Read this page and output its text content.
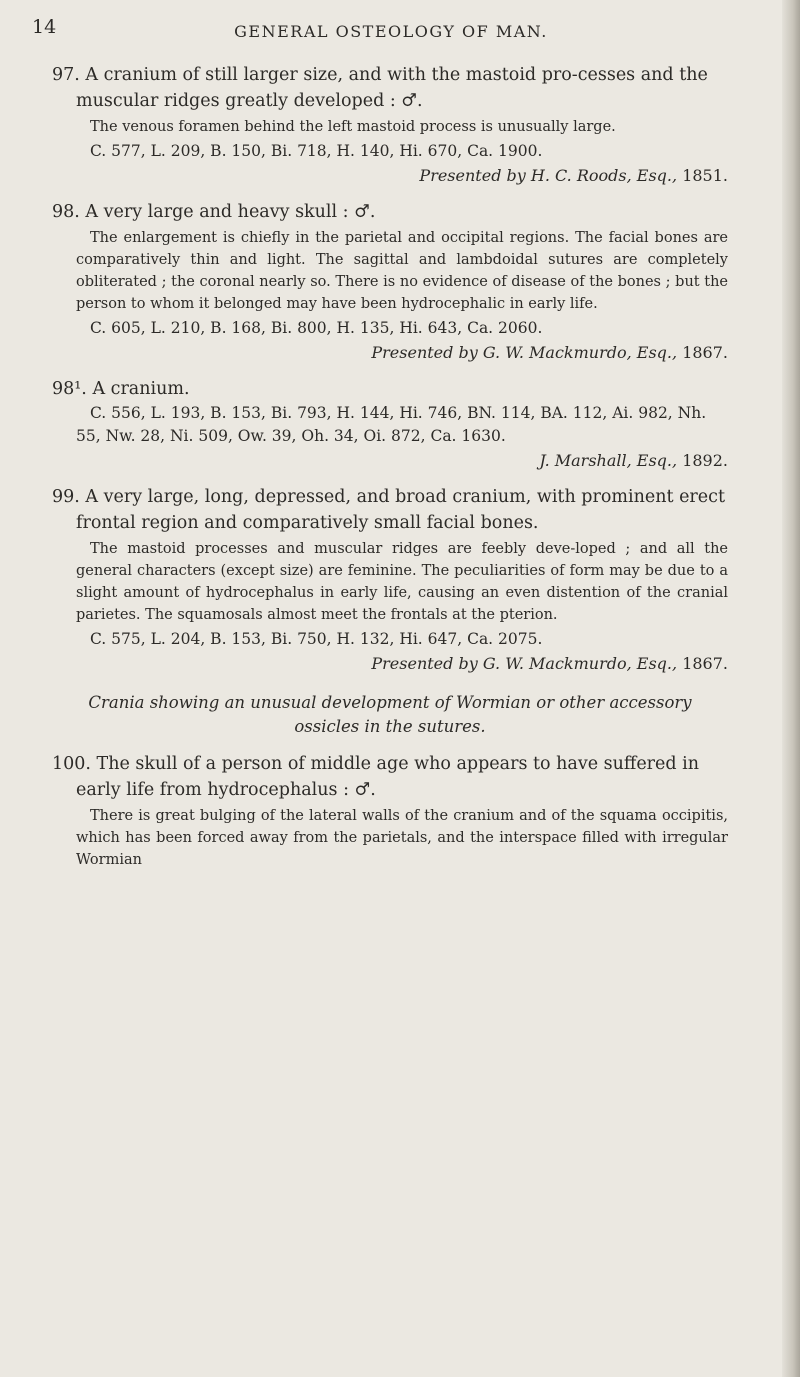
14	GENERAL OSTEOLOGY OF MAN.
97. A cranium of still larger size, and with the mastoid pro-cesses and the muscular ridges greatly developed : ♂.

The venous foramen behind the left mastoid process is unusually large.

C. 577, L. 209, B. 150, Bi. 718, H. 140, Hi. 670, Ca. 1900.

Presented by H. C. Roods, Esq., 1851.

98. A very large and heavy skull : ♂.

The enlargement is chiefly in the parietal and occipital regions. The facial bones are comparatively thin and light. The sagittal and lambdoidal sutures are completely obliterated ; the coronal nearly so. There is no evidence of disease of the bones ; but the person to whom it belonged may have been hydrocephalic in early life.

C. 605, L. 210, B. 168, Bi. 800, H. 135, Hi. 643, Ca. 2060.

Presented by G. W. Mackmurdo, Esq., 1867.

98¹. A cranium.

C. 556, L. 193, B. 153, Bi. 793, H. 144, Hi. 746, BN. 114, BA. 112, Ai. 982, Nh. 55, Nw. 28, Ni. 509, Ow. 39, Oh. 34, Oi. 872, Ca. 1630.

J. Marshall, Esq., 1892.

99. A very large, long, depressed, and broad cranium, with prominent erect frontal region and comparatively small facial bones.

The mastoid processes and muscular ridges are feebly deve-loped ; and all the general characters (except size) are feminine. The peculiarities of form may be due to a slight amount of hydrocephalus in early life, causing an even distention of the cranial parietes. The squamosals almost meet the frontals at the pterion.

C. 575, L. 204, B. 153, Bi. 750, H. 132, Hi. 647, Ca. 2075.

Presented by G. W. Mackmurdo, Esq., 1867.

Crania showing an unusual development of Wormian or other accessory ossicles in the sutures.
100. The skull of a person of middle age who appears to have suffered in early life from hydrocephalus : ♂.

There is great bulging of the lateral walls of the cranium and of the squama occipitis, which has been forced away from the parietals, and the interspace filled with irregular Wormian
